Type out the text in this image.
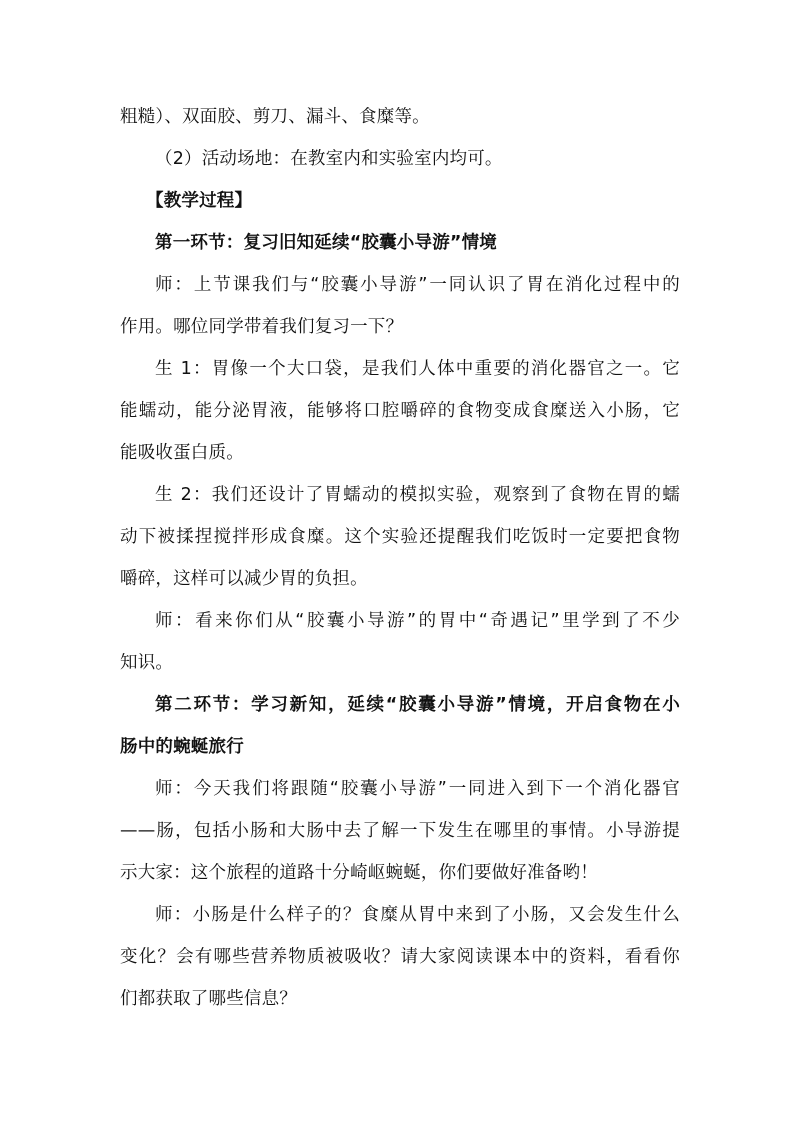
粗糙）、双面胶、剪刀、漏斗、食糜等。
（2）活动场地：在教室内和实验室内均可。
【教学过程】
第一环节：复习旧知延续“胶囊小导游”情境
师：上节课我们与“胶囊小导游”一同认识了胃在消化过程中的
作用。哪位同学带着我们复习一下？
生 1：胃像一个大口袋，是我们人体中重要的消化器官之一。它
能蠕动，能分泌胃液，能够将口腔嚼碎的食物变成食糜送入小肠，它
能吸收蛋白质。
生 2：我们还设计了胃蠕动的模拟实验，观察到了食物在胃的蠕
动下被揉捏搅拌形成食糜。这个实验还提醒我们吃饭时一定要把食物
嚼碎，这样可以减少胃的负担。
师：看来你们从“胶囊小导游”的胃中“奇遇记”里学到了不少
知识。
第二环节：学习新知，延续“胶囊小导游”情境，开启食物在小
肠中的蜿蜒旅行
师：今天我们将跟随“胶囊小导游”一同进入到下一个消化器官
——肠，包括小肠和大肠中去了解一下发生在哪里的事情。小导游提
示大家：这个旅程的道路十分崎岖蜿蜒，你们要做好准备哟！
师：小肠是什么样子的？食糜从胃中来到了小肠，又会发生什么
变化？会有哪些营养物质被吸收？请大家阅读课本中的资料，看看你
们都获取了哪些信息？
